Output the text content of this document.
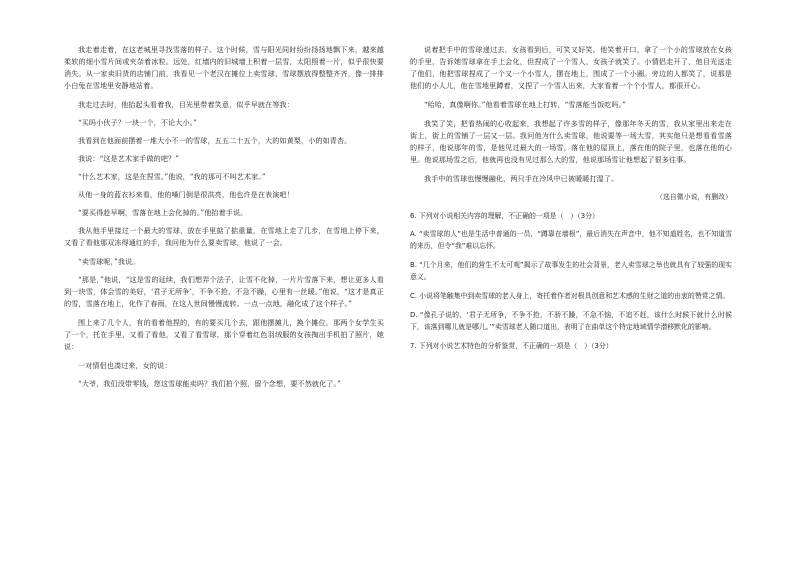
我走着走着，在这老城里寻找雪落的样子。这个时候，雪与阳光同时纷纷扬扬地飘下来，越来越柔软的细小雪片间或夹杂着冰粒。远处，红墙内的旧城墙上积着一层雪，太阳照着一片，似乎很快要消失。从一家卖旧货的店铺门前，我看见一个老汉在摊位上卖雪球，雪球摆放得整整齐齐，像一排排小白兔在雪地里安静地站着。

我走过去时，他抬起头看着我，目光里带着笑意，似乎早就在等我：

“买吗小伙子？一块一个，不论大小。”

我看到在他面前摆着一堆大小不一的雪球，五五二十五个，大的如黄梨，小的如青杏。

我说：“这是艺术家手做的吧？”

“什么艺术家，这是在捏雪。”他说，“我的那可不叫艺术家。”

从他一身的蓝衣衫来看，他的嗓门倒是很洪亮，他也许是在表演吧！

“要买得趁早啊，雪落在地上会化掉的。”他抬着手说。

我从他手里接过一个最大的雪球，放在手里掂了掂重量，在雪地上走了几步，在雪地上停下来，又看了看他那双冻得通红的手，我问他为什么要卖雪球，他说了一会。

“卖雪球呢，”我说。

“那是，”他说，“这是雪的延续，我们想弄个法子，让雪不化掉，一片片雪落下来，想让更多人看到一块雪，体会雪的美好，‘君子无所争’，不争不抢，不急不躁，心里有一丝暖。”他说，“这才是真正的雪，雪落在地上，化作了春雨，在这人世间慢慢流转。一点一点地，融化成了这个样子。”

围上来了几个人，有的看着他捏的，有的要买几个去，跟他摆摊儿，换个摊位，那两个女学生买了一个，托在手里，又看了看他，又看了看雪球，那个穿着红色羽绒服的女孩掏出手机拍了照片，她说：

一对情侣也凑过来，女的说：

“大爷，我们没带零钱，您这雪球能卖吗？我们拍个照，留个念想，要不然就化了。”

说着把手中的雪球递过去，女孩看到后，可笑又好笑。他笑着开口，拿了一个小的雪球放在女孩的手里，告诉她雪球拿在手上会化，但捏成了一个雪人，女孩子就笑了。小情侣走开了，他目光送走了他们，他把雪球捏成了一个又一个小雪人，摆在地上，围成了一个小圈。旁边的人都笑了，说那是他们的小人儿，他在雪地里蹲着，又捏了一个雪人出来，大家看着一个个小雪人，都很开心。

“哈哈，真像啊你。”他看着雪球在地上打转，“雪落能当饭吃吗。”

我笑了笑，把看热闹的心收起来，我想起了许多雪的样子，像那年冬天的雪，我从家里出来走在街上，街上的雪铺了一层又一层。我问他为什么卖雪球，他说要等一场大雪，其实他只是想看看雪落的样子，他说那年的雪，是他见过最大的一场雪，落在他的屋顶上，落在他的院子里，也落在他的心里。他说那场雪之后，他就再也没有见过那么大的雪，他说那场雪让他想起了很多往事。

我手中的雪球也慢慢融化，两只手在冷风中已被暖暖打湿了。

（选自微小说，有删改）

6. 下列对小说相关内容的理解，不正确的一项是（　）（3分）

A. “卖雪球的人”也是生活中普通的一员，“蹲靠在墙根”，最后消失在声音中，他不知道姓名，也不知道雪的来历，但令“我”难以忘怀。

B. “几个月来，他们的营生不太可观”揭示了故事发生的社会背景，老人卖雪球之举也就具有了较强的现实意义。

C. 小说将笔触集中到卖雪球的老人身上，寄托着作者对根具创意和艺术感的生财之道的由衷的赞赏之情。

D. “像孔子说的，‘君子无所争，不争不抢，不骄不躁，不急不恼，不追不赶，该什么时候下就什么时候下，该落到哪儿就是哪儿。’”卖雪球老人随口道出，表明了在曲单这个特定地域情学潜移默化的影响。

7. 下列对小说艺术特色的分析鉴赏，不正确的一项是（　）（3分）
